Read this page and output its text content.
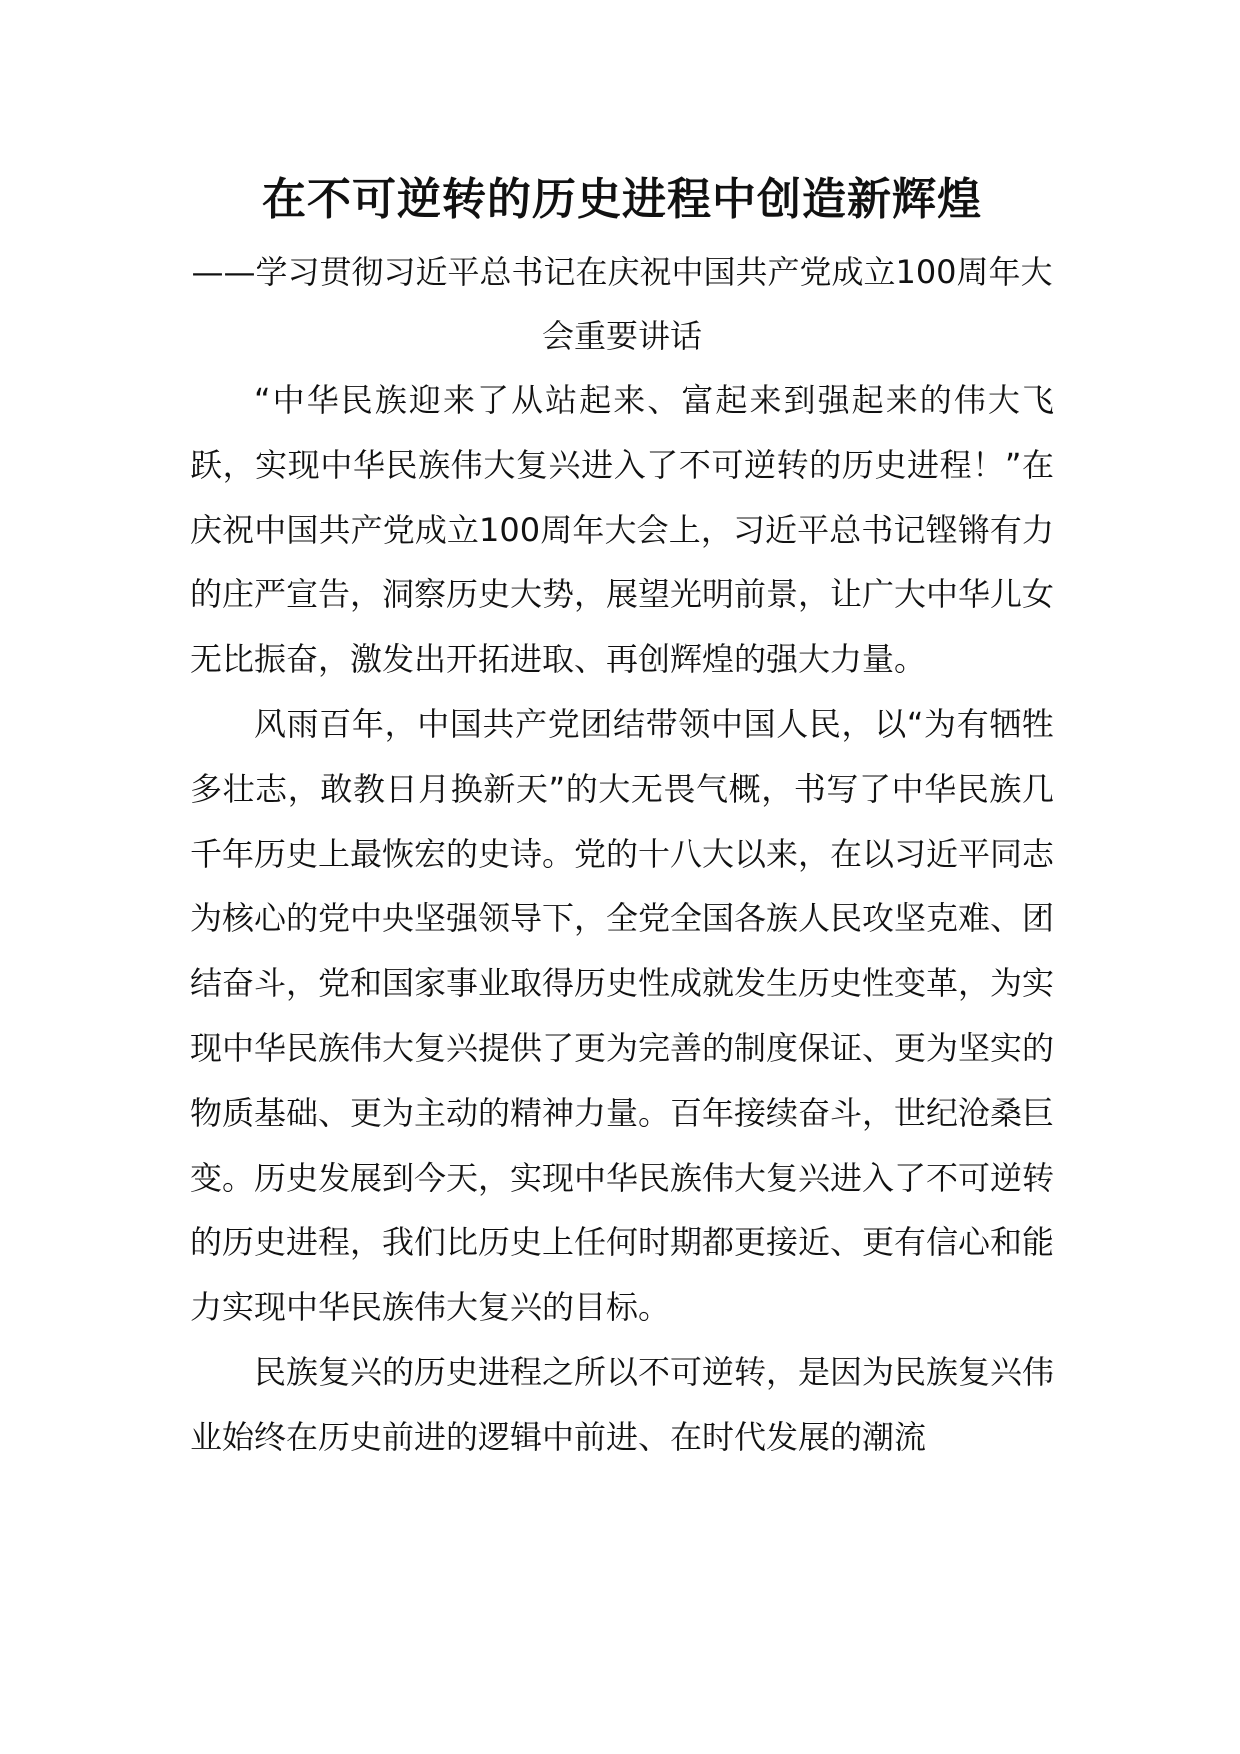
在不可逆转的历史进程中创造新辉煌

——学习贯彻习近平总书记在庆祝中国共产党成立100周年大会重要讲话

“中华民族迎来了从站起来、富起来到强起来的伟大飞跃，实现中华民族伟大复兴进入了不可逆转的历史进程！”在庆祝中国共产党成立100周年大会上，习近平总书记铿锵有力的庄严宣告，洞察历史大势，展望光明前景，让广大中华儿女无比振奋，激发出开拓进取、再创辉煌的强大力量。

风雨百年，中国共产党团结带领中国人民，以“为有牺牲多壮志，敢教日月换新天”的大无畏气概，书写了中华民族几千年历史上最恢宏的史诗。党的十八大以来，在以习近平同志为核心的党中央坚强领导下，全党全国各族人民攻坚克难、团结奋斗，党和国家事业取得历史性成就发生历史性变革，为实现中华民族伟大复兴提供了更为完善的制度保证、更为坚实的物质基础、更为主动的精神力量。百年接续奋斗，世纪沧桑巨变。历史发展到今天，实现中华民族伟大复兴进入了不可逆转的历史进程，我们比历史上任何时期都更接近、更有信心和能力实现中华民族伟大复兴的目标。

民族复兴的历史进程之所以不可逆转，是因为民族复兴伟业始终在历史前进的逻辑中前进、在时代发展的潮流
